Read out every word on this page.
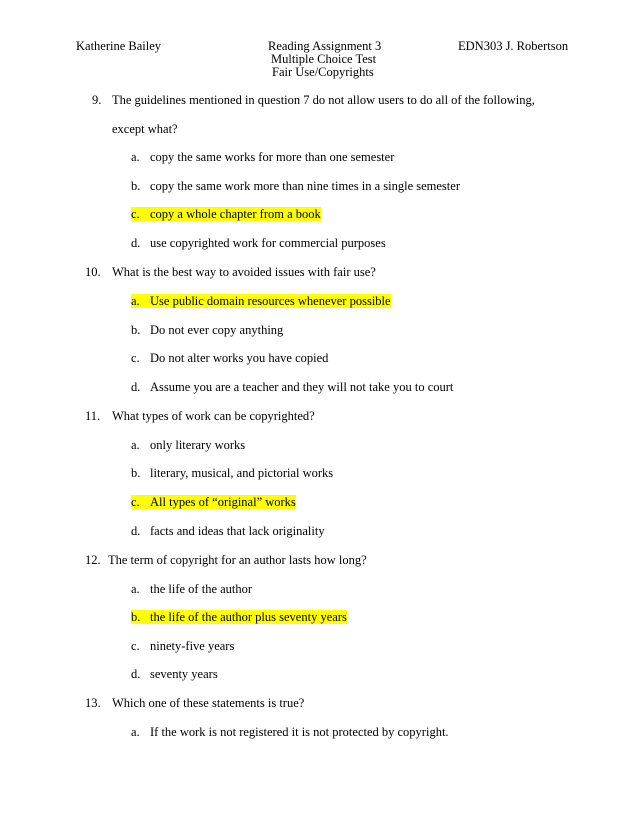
Katherine Bailey	Reading Assignment 3
Multiple Choice Test
Fair Use/Copyrights
EDN303 J. Robertson
9. The guidelines mentioned in question 7 do not allow users to do all of the following,
except what?
a. copy the same works for more than one semester
b. copy the same work more than nine times in a single semester
c. copy a whole chapter from a book
d. use copyrighted work for commercial purposes
10. What is the best way to avoided issues with fair use?
a. Use public domain resources whenever possible
b. Do not ever copy anything
c. Do not alter works you have copied
d. Assume you are a teacher and they will not take you to court
11. What types of work can be copyrighted?
a. only literary works
b. literary, musical, and pictorial works
c. All types of “original” works
d. facts and ideas that lack originality
12. The term of copyright for an author lasts how long?
a. the life of the author
b. the life of the author plus seventy years
c. ninety-five years
d. seventy years
13. Which one of these statements is true?
a. If the work is not registered it is not protected by copyright.
